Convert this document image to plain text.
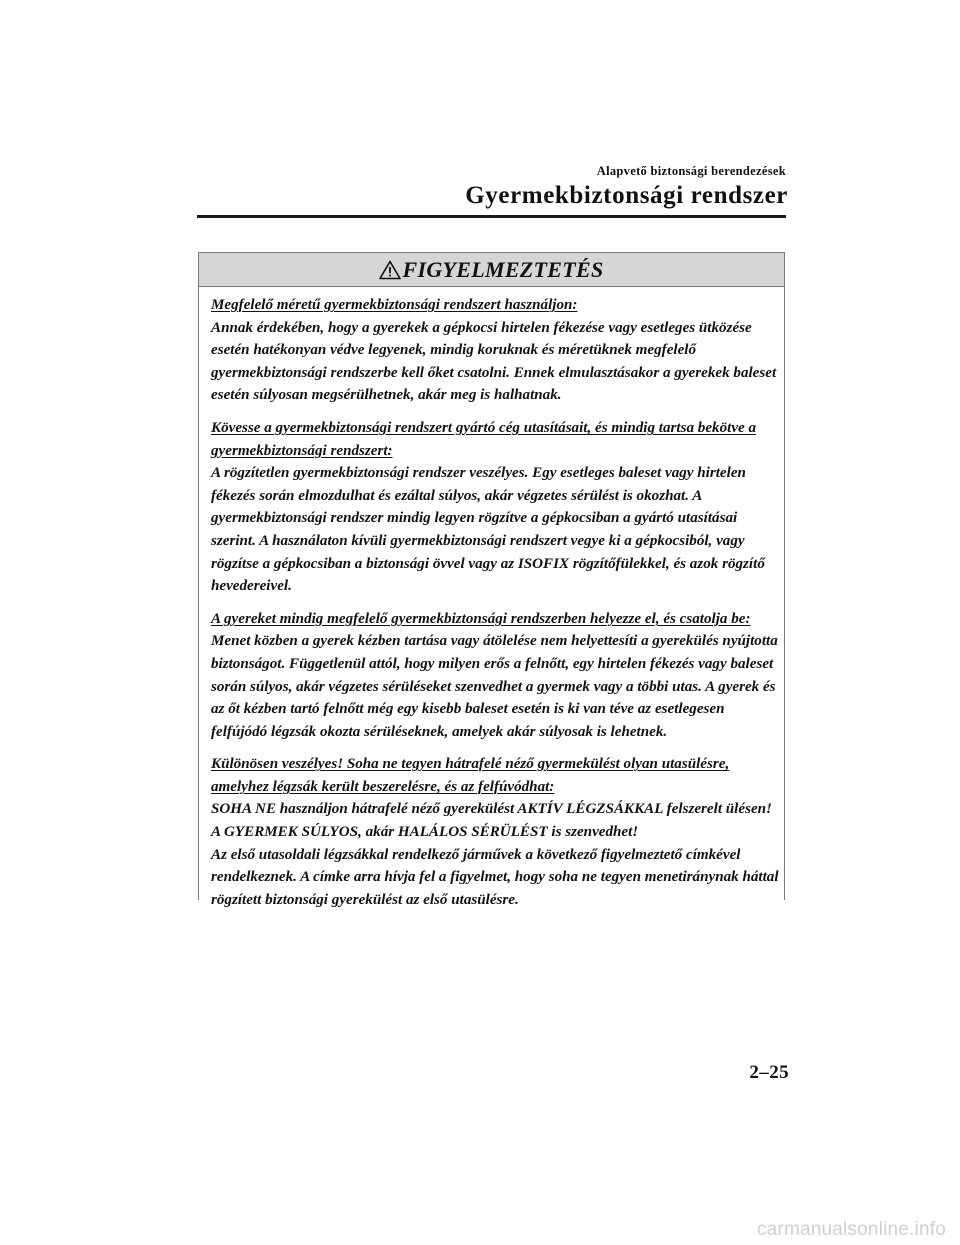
Alapvető biztonsági berendezések
Gyermekbiztonsági rendszer
FIGYELMEZTETÉS
Megfelelő méretű gyermekbiztonsági rendszert használjon:
Annak érdekében, hogy a gyerekek a gépkocsi hirtelen fékezése vagy esetleges ütközése esetén hatékonyan védve legyenek, mindig koruknak és méretüknek megfelelő gyermekbiztonsági rendszerbe kell őket csatolni. Ennek elmulasztásakor a gyerekek baleset esetén súlyosan megsérülhetnek, akár meg is halhatnak.
Kövesse a gyermekbiztonsági rendszert gyártó cég utasításait, és mindig tartsa bekötve a gyermekbiztonsági rendszert:
A rögzítetlen gyermekbiztonsági rendszer veszélyes. Egy esetleges baleset vagy hirtelen fékezés során elmozdulhat és ezáltal súlyos, akár végzetes sérülést is okozhat. A gyermekbiztonsági rendszer mindig legyen rögzítve a gépkocsiban a gyártó utasításai szerint. A használaton kívüli gyermekbiztonsági rendszert vegye ki a gépkocsiból, vagy rögzítse a gépkocsiban a biztonsági övvel vagy az ISOFIX rögzítőfülekkel, és azok rögzítő hevedereivel.
A gyereket mindig megfelelő gyermekbiztonsági rendszerben helyezze el, és csatolja be:
Menet közben a gyerek kézben tartása vagy átölelése nem helyettesíti a gyerekülés nyújtotta biztonságot. Függetlenül attól, hogy milyen erős a felnőtt, egy hirtelen fékezés vagy baleset során súlyos, akár végzetes sérüléseket szenvedhet a gyermek vagy a többi utas. A gyerek és az őt kézben tartó felnőtt még egy kisebb baleset esetén is ki van téve az esetlegesen felfújódó légzsák okozta sérüléseknek, amelyek akár súlyosak is lehetnek.
Különösen veszélyes! Soha ne tegyen hátrafelé néző gyermekülést olyan utasülésre, amelyhez légzsák került beszerelésre, és az felfúvódhat:
SOHA NE használjon hátrafelé néző gyerekülést AKTÍV LÉGZSÁKKAL felszerelt ülésen! A GYERMEK SÚLYOS, akár HALÁLOS SÉRÜLÉST is szenvedhet!
Az első utasoldali légzsákkal rendelkező járművek a következő figyelmeztető címkével rendelkeznek. A címke arra hívja fel a figyelmet, hogy soha ne tegyen menetiránynak háttal rögzített biztonsági gyerekülést az első utasülésre.
2–25
carmanualsonline.info
